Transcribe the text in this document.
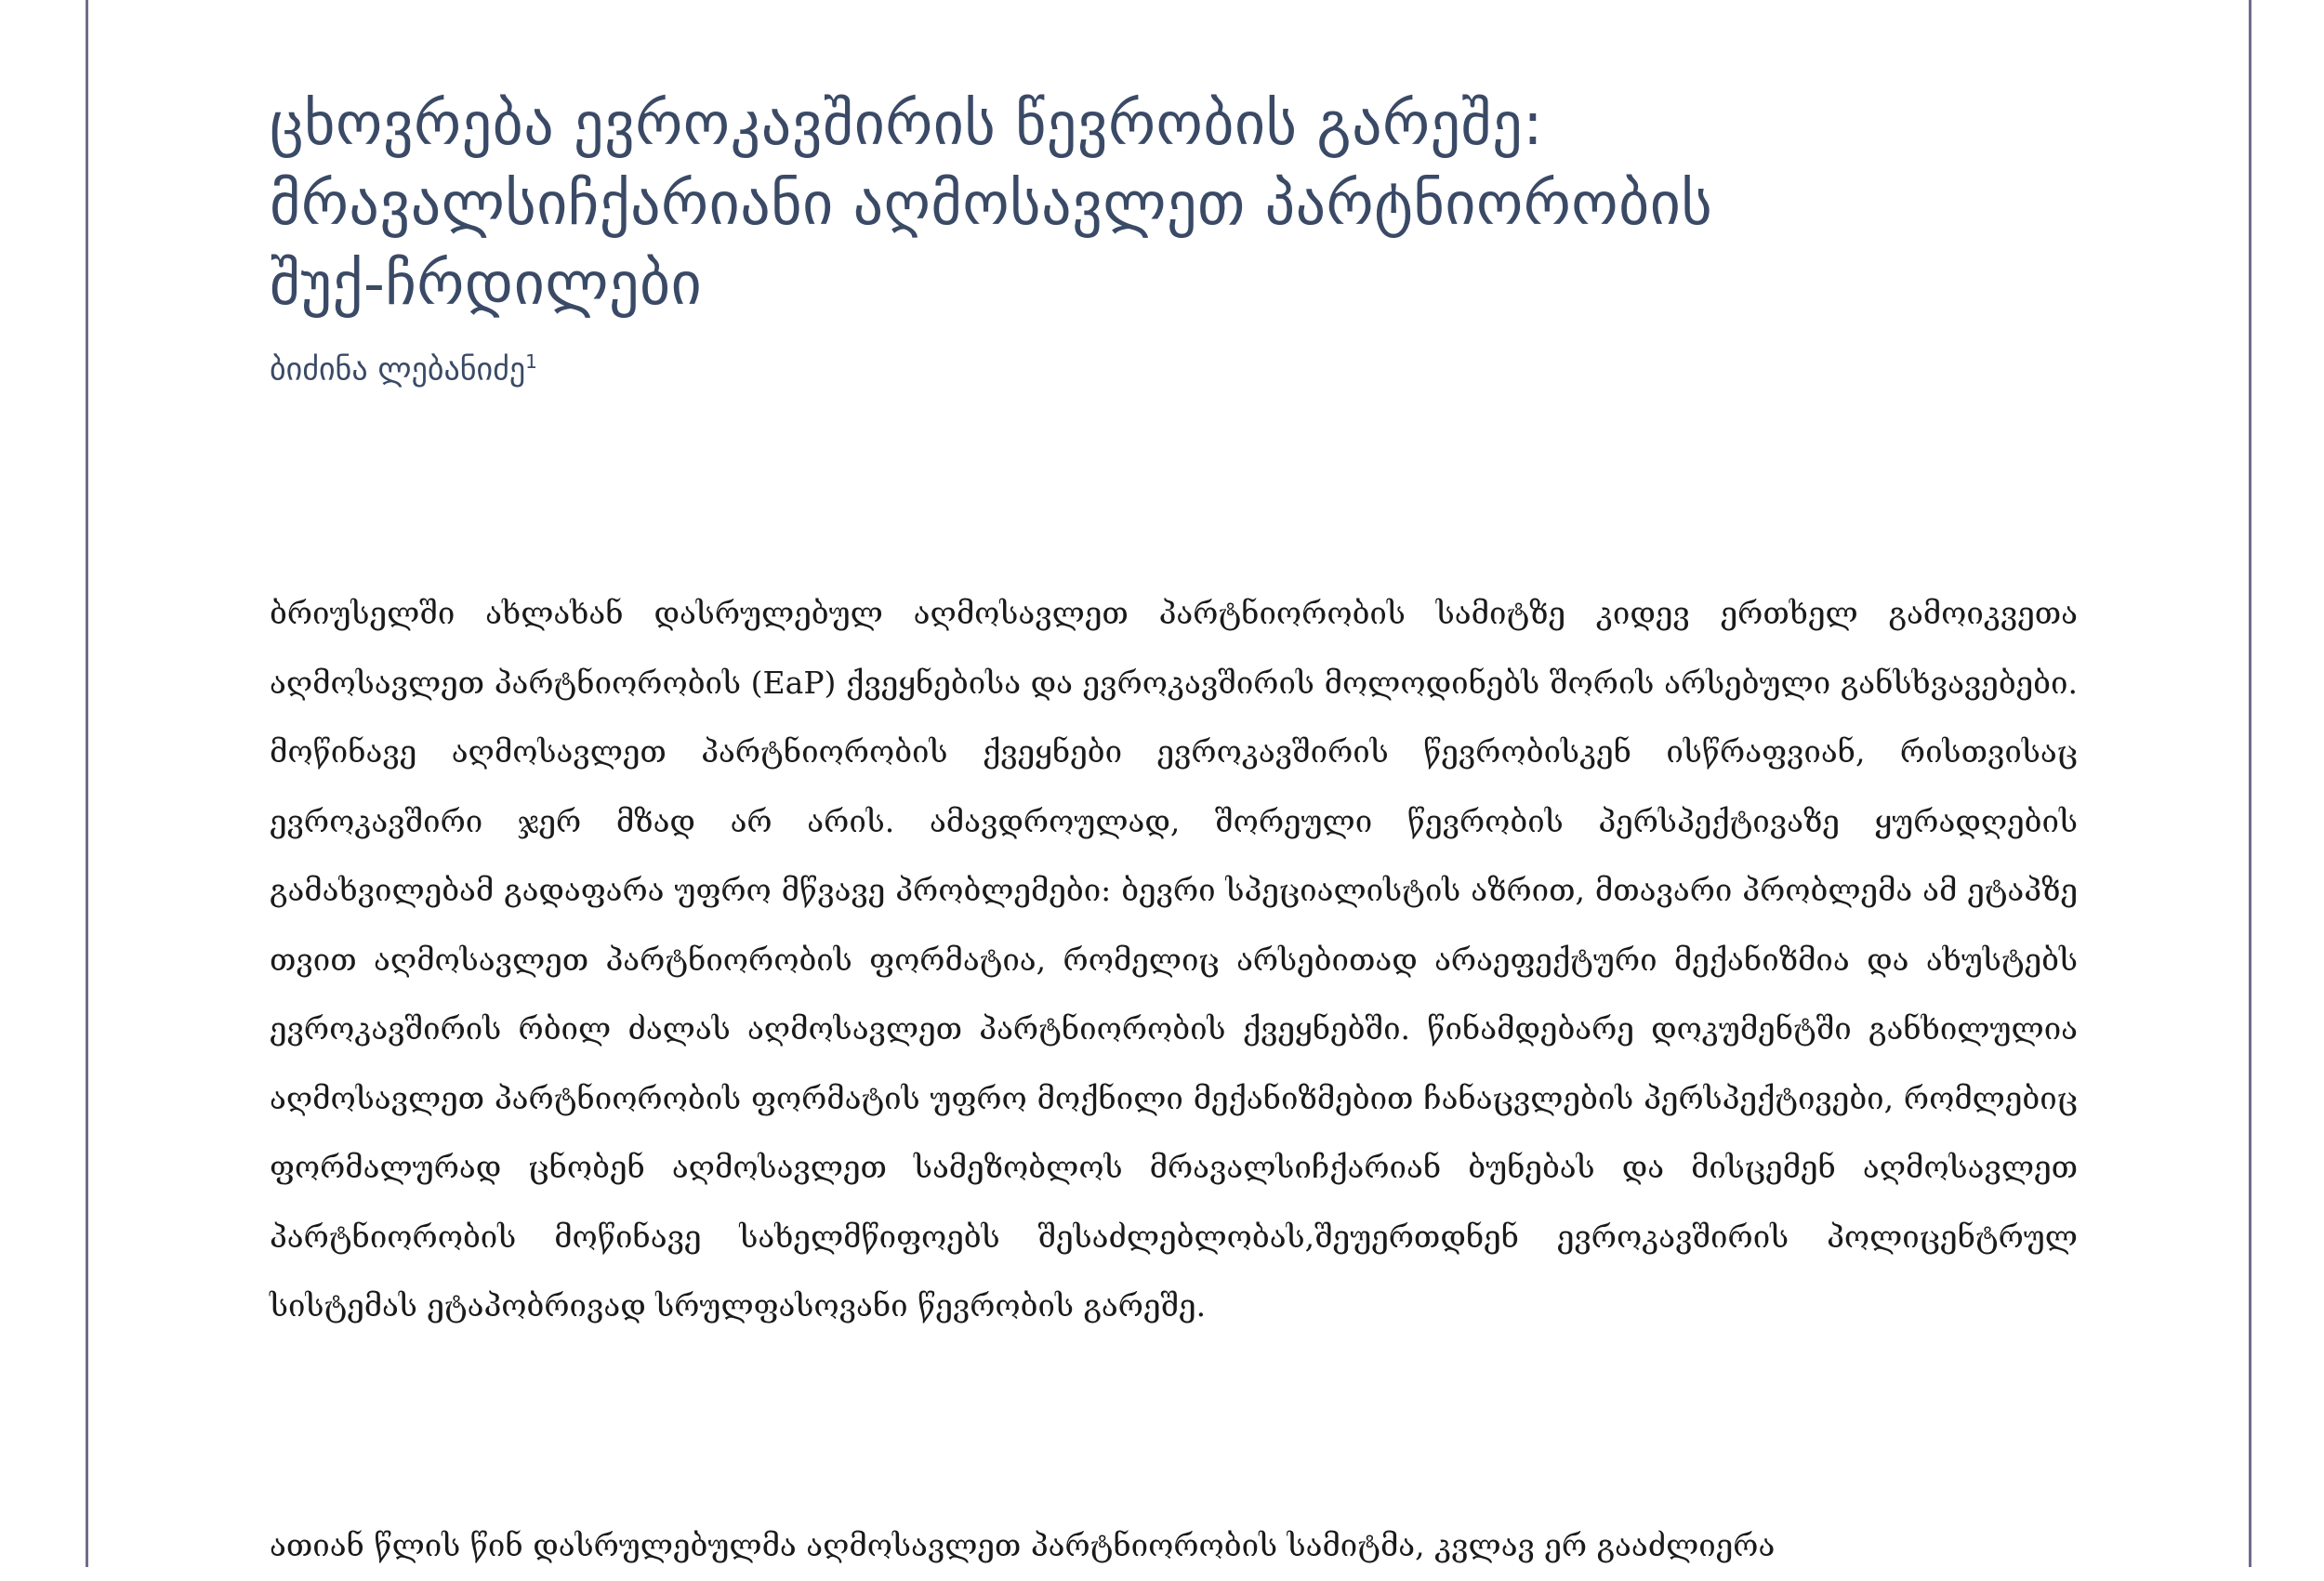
ცხოვრება ევროკავშირის წევრობის გარეშე:
მრავალსიჩქარიანი აღმოსავლეთ პარტნიორობის
შუქ-ჩრდილები
ბიძინა ლებანიძე$^1$

ბრიუსელში ახლახან დასრულებულ აღმოსავლეთ პარტნიორობის სამიტზე კიდევ ერთხელ გამოიკვეთა აღმოსავლეთ პარტნიორობის (EaP) ქვეყნებისა და ევროკავშირის მოლოდინებს შორის არსებული განსხვავებები. მოწინავე აღმოსავლეთ პარტნიორობის ქვეყნები ევროკავშირის წევრობისკენ ისწრაფვიან, რისთვისაც ევროკავშირი ჯერ მზად არ არის. ამავდროულად, შორეული წევრობის პერსპექტივაზე ყურადღების გამახვილებამ გადაფარა უფრო მწვავე პრობლემები: ბევრი სპეციალისტის აზრით, მთავარი პრობლემა ამ ეტაპზე თვით აღმოსავლეთ პარტნიორობის ფორმატია, რომელიც არსებითად არაეფექტური მექანიზმია და ახუსტებს ევროკავშირის რბილ ძალას აღმოსავლეთ პარტნიორობის ქვეყნებში. წინამდებარე დოკუმენტში განხილულია აღმოსავლეთ პარტნიორობის ფორმატის უფრო მოქნილი მექანიზმებით ჩანაცვლების პერსპექტივები, რომლებიც ფორმალურად ცნობენ აღმოსავლეთ სამეზობლოს მრავალსიჩქარიან ბუნებას და მისცემენ აღმოსავლეთ პარტნიორობის მოწინავე სახელმწიფოებს შესაძლებლობას,შეუერთდნენ ევროკავშირის პოლიცენტრულ სისტემას ეტაპობრივად სრულფასოვანი წევრობის გარეშე.

ათიან წლის წინ დასრულებულმა აღმოსავლეთ პარტნიორობის სამიტმა, კვლავ ერ გააძლიერა
